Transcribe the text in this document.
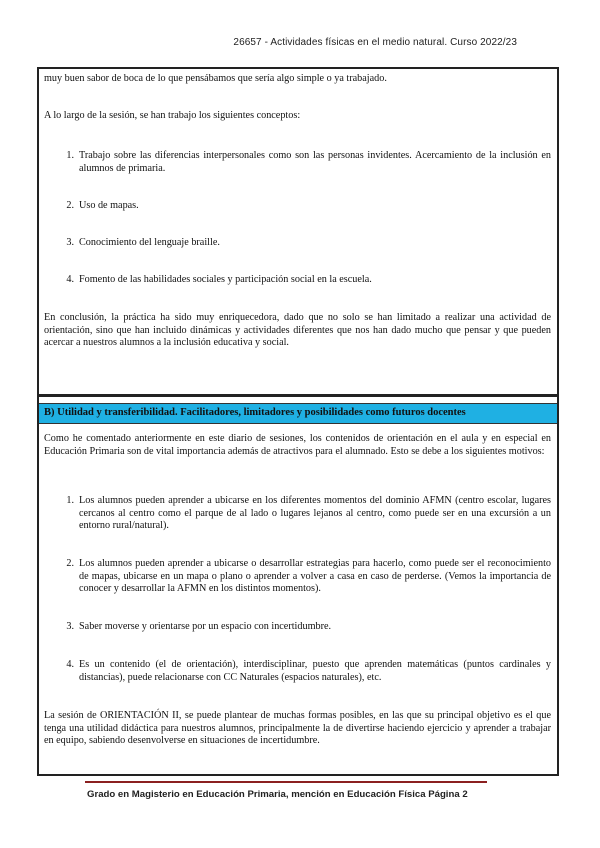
26657 - Actividades físicas en el medio natural. Curso 2022/23

muy buen sabor de boca de lo que pensábamos que sería algo simple o ya trabajado.

A lo largo de la sesión, se han trabajo los siguientes conceptos:

1. Trabajo sobre las diferencias interpersonales como son las personas invidentes. Acercamiento de la inclusión en alumnos de primaria.
2. Uso de mapas.
3. Conocimiento del lenguaje braille.
4. Fomento de las habilidades sociales y participación social en la escuela.

En conclusión, la práctica ha sido muy enriquecedora, dado que no solo se han limitado a realizar una actividad de orientación, sino que han incluido dinámicas y actividades diferentes que nos han dado mucho que pensar y que pueden acercar a nuestros alumnos a la inclusión educativa y social.

B) Utilidad y transferibilidad. Facilitadores, limitadores y posibilidades como futuros docentes

Como he comentado anteriormente en este diario de sesiones, los contenidos de orientación en el aula y en especial en Educación Primaria son de vital importancia además de atractivos para el alumnado. Esto se debe a los siguientes motivos:

1. Los alumnos pueden aprender a ubicarse en los diferentes momentos del dominio AFMN (centro escolar, lugares cercanos al centro como el parque de al lado o lugares lejanos al centro, como puede ser en una excursión a un entorno rural/natural).
2. Los alumnos pueden aprender a ubicarse o desarrollar estrategias para hacerlo, como puede ser el reconocimiento de mapas, ubicarse en un mapa o plano o aprender a volver a casa en caso de perderse. (Vemos la importancia de conocer y desarrollar la AFMN en los distintos momentos).
3. Saber moverse y orientarse por un espacio con incertidumbre.
4. Es un contenido (el de orientación), interdisciplinar, puesto que aprenden matemáticas (puntos cardinales y distancias), puede relacionarse con CC Naturales (espacios naturales), etc.

La sesión de ORIENTACIÓN II, se puede plantear de muchas formas posibles, en las que su principal objetivo es el que tenga una utilidad didáctica para nuestros alumnos, principalmente la de divertirse haciendo ejercicio y aprender a trabajar en equipo, sabiendo desenvolverse en situaciones de incertidumbre.

Grado en Magisterio en Educación Primaria, mención en Educación Física Página 2
